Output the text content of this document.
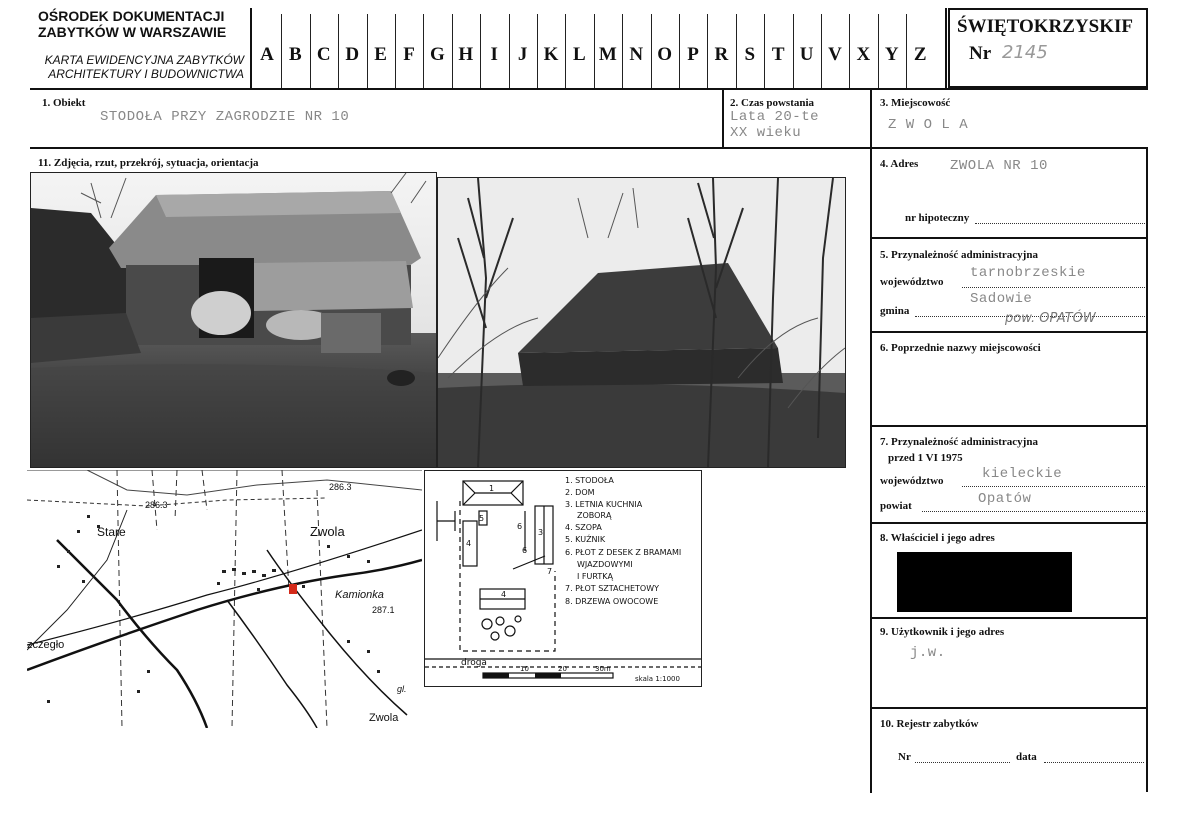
OŚRODEK DOKUMENTACJI
ZABYTKÓW W WARSZAWIE
KARTA EWIDENCYJNA ZABYTKÓW
ARCHITEKTURY I BUDOWNICTWA
A B C D E F G H I	J K L M N O P R S T U V X Y Z
ŚWIĘTOKRZYSKIF
Nr 2145
1. Obiekt
STODOŁA PRZY ZAGRODZIE NR 10
2. Czas powstania
Lata 20-te
XX wieku
3. Miejscowość
Z W O L A
4. Adres ZWOLA NR 10
nr hipoteczny
5. Przynależność administracyjna
województwo
tarnobrzeskie
gmina
Sadowie
pow. OPATÓW
6. Poprzednie nazwy miejscowości
7. Przynależność administracyjna
przed 1 VI 1975
województwo	kieleckie
powiat	Opatów
8. Właściciel i jego adres
9. Użytkownik i jego adres
j.w.
10. Rejestr zabytków
Nr	data
11. Zdjęcia, rzut, przekrój, sytuacja, orientacja
Stare	Zwola
Kamionka
zczegło
Zwola
286.3
286.3
287.1
gl.
1. STODOŁA
2. DOM
3. LETNIA KUCHNIA
ZOBORĄ
4. SZOPA
5. KUŹNIK
6. PŁOT Z DESEK Z BRAMAMI
WJAZDOWYMI
I FURTKĄ
7. PŁOT SZTACHETOWY
8. DRZEWA OWOCOWE
droga
skala 1:1000
10	20	30m
1
3
4
5
6
6
7
4
